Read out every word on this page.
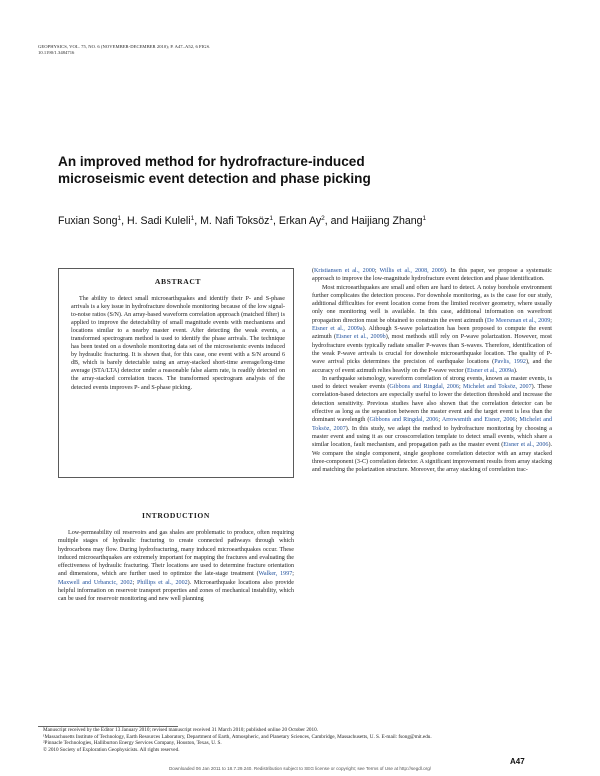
GEOPHYSICS, VOL. 75, NO. 6 (NOVEMBER-DECEMBER 2010); P. A47–A52, 6 FIGS.
10.1190/1.3484716
An improved method for hydrofracture-induced
microseismic event detection and phase picking
Fuxian Song$^1$, H. Sadi Kuleli$^1$, M. Nafi Toksöz$^1$, Erkan Ay$^2$, and Haijiang Zhang$^1$
ABSTRACT

The ability to detect small microearthquakes and identify their P- and S-phase arrivals is a key issue in hydrofracture downhole monitoring because of the low signal-to-noise ratios (S/N). An array-based waveform correlation approach (matched filter) is applied to improve the detectability of small magnitude events with mechanisms and locations similar to a nearby master event. After detecting the weak events, a transformed spectrogram method is used to identify the phase arrivals. The technique has been tested on a downhole monitoring data set of the microseismic events induced by hydraulic fracturing. It is shown that, for this case, one event with a S/N around 6 dB, which is barely detectable using an array-stacked short-time average/long-time average (STA/LTA) detector under a reasonable false alarm rate, is readily detected on the array-stacked correlation traces. The transformed spectrogram analysis of the detected events improves P- and S-phase picking.

INTRODUCTION

Low-permeability oil reservoirs and gas shales are problematic to produce, often requiring multiple stages of hydraulic fracturing to create connected pathways through which hydrocarbons may flow. During hydrofracturing, many induced microearthquakes occur. These induced microearthquakes are extremely important for mapping the fractures and evaluating the effectiveness of hydraulic fracturing. Their locations are used to determine fracture orientation and dimensions, which are further used to optimize the late-stage treatment (Walker, 1997; Maxwell and Urbancic, 2002; Phillips et al., 2002). Microearthquake locations also provide helpful information on reservoir transport properties and zones of mechanical instability, which can be used for reservoir monitoring and new well planning

(Kristiansen et al., 2000; Willis et al., 2008, 2009). In this paper, we propose a systematic approach to improve the low-magnitude hydrofracture event detection and phase identification.

Most microearthquakes are small and often are hard to detect. A noisy borehole environment further complicates the detection process. For downhole monitoring, as is the case for our study, additional difficulties for event location come from the limited receiver geometry, where usually only one monitoring well is available. In this case, additional information on wavefront propagation direction must be obtained to constrain the event azimuth (De Meersman et al., 2009; Eisner et al., 2009a). Although S-wave polarization has been proposed to compute the event azimuth (Eisner et al., 2009b), most methods still rely on P-wave polarization. However, most hydrofracture events typically radiate smaller P-waves than S-waves. Therefore, identification of the weak P-wave arrivals is crucial for downhole microearthquake location. The quality of P-wave arrival picks determines the precision of earthquake locations (Pavlis, 1992), and the accuracy of event azimuth relies heavily on the P-wave vector (Eisner et al., 2009a).

In earthquake seismology, waveform correlation of strong events, known as master events, is used to detect weaker events (Gibbons and Ringdal, 2006; Michelet and Toksöz, 2007). These correlation-based detectors are especially useful to lower the detection threshold and increase the detection sensitivity. Previous studies have also shown that the correlation detector can be effective as long as the separation between the master event and the target event is less than the dominant wavelength (Gibbons and Ringdal, 2006; Arrowsmith and Eisner, 2006; Michelet and Toksöz, 2007). In this study, we adapt the method to hydrofracture monitoring by choosing a master event and using it as our crosscorrelation template to detect small events, which share a similar location, fault mechanism, and propagation path as the master event (Eisner et al., 2006). We compare the single component, single geophone correlation detector with an array stacked three-component (3-C) correlation detector. A significant improvement results from array stacking and matching the polarization structure. Moreover, the array stacking of correlation trac-

Manuscript received by the Editor 13 January 2010; revised manuscript received 31 March 2010; published online 20 October 2010.

¹Massachusetts Institute of Technology, Earth Resources Laboratory, Department of Earth, Atmospheric, and Planetary Sciences, Cambridge, Massachusetts, U. S. E-mail: fsong@mit.edu.

²Pinnacle Technologies, Halliburton Energy Services Company, Houston, Texas, U. S.

© 2010 Society of Exploration Geophysicists. All rights reserved.

A47
Downloaded 06 Jan 2011 to 18.7.29.240. Redistribution subject to SEG license or copyright; see Terms of Use at http://segdl.org/
